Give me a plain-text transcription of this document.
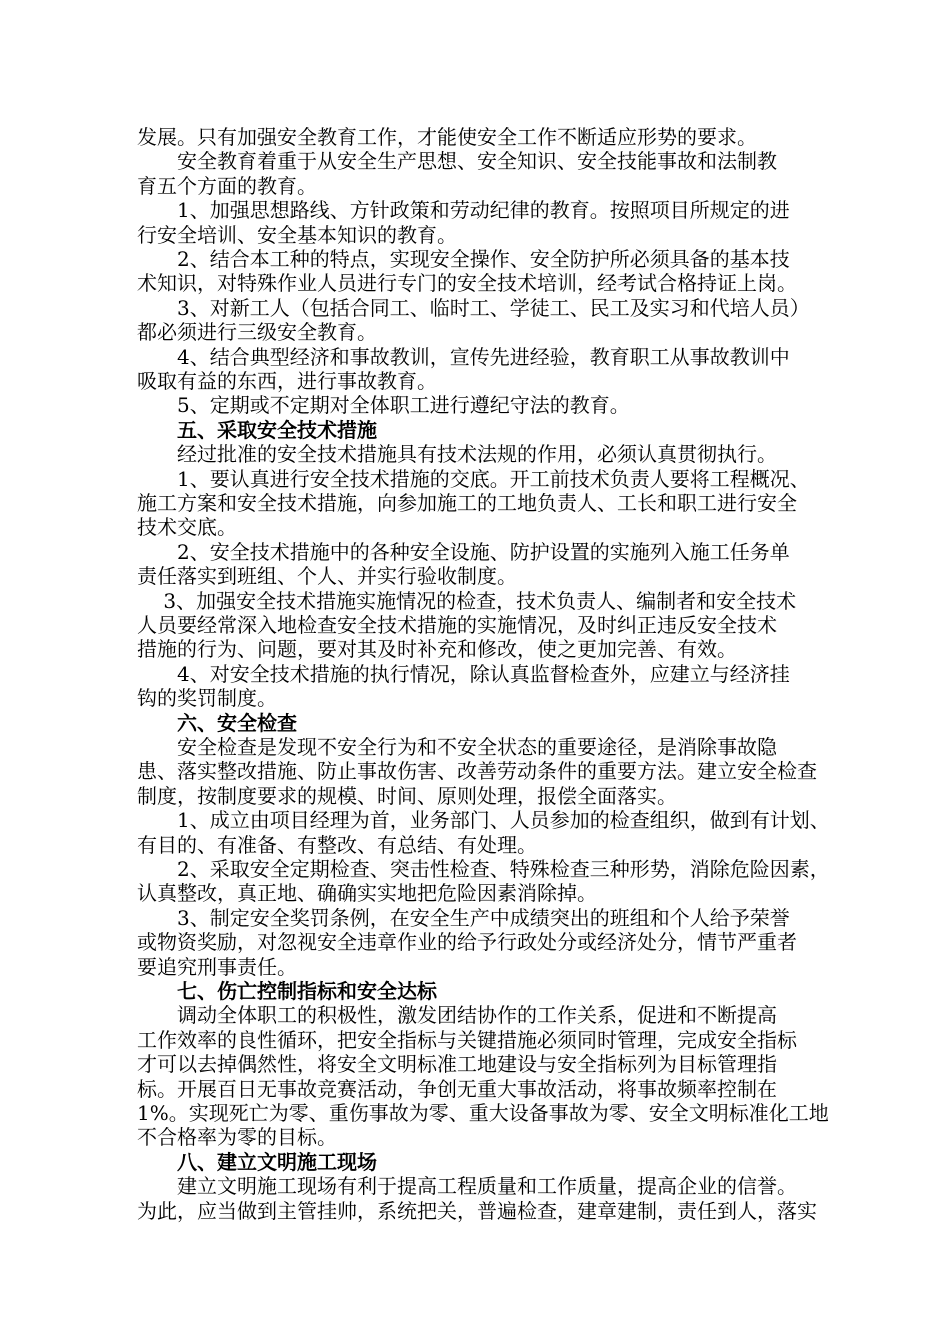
发展。只有加强安全教育工作，才能使安全工作不断适应形势的要求。
　　安全教育着重于从安全生产思想、安全知识、安全技能事故和法制教
育五个方面的教育。
　　1、加强思想路线、方针政策和劳动纪律的教育。按照项目所规定的进
行安全培训、安全基本知识的教育。
　　2、结合本工种的特点，实现安全操作、安全防护所必须具备的基本技
术知识，对特殊作业人员进行专门的安全技术培训，经考试合格持证上岗。
　　3、对新工人（包括合同工、临时工、学徒工、民工及实习和代培人员）
都必须进行三级安全教育。
　　4、结合典型经济和事故教训，宣传先进经验，教育职工从事故教训中
吸取有益的东西，进行事故教育。
　　5、定期或不定期对全体职工进行遵纪守法的教育。
　　五、采取安全技术措施
　　经过批准的安全技术措施具有技术法规的作用，必须认真贯彻执行。
　　1、要认真进行安全技术措施的交底。开工前技术负责人要将工程概况、
施工方案和安全技术措施，向参加施工的工地负责人、工长和职工进行安全
技术交底。
　　2、安全技术措施中的各种安全设施、防护设置的实施列入施工任务单
责任落实到班组、个人、并实行验收制度。
　 3、加强安全技术措施实施情况的检查，技术负责人、编制者和安全技术
人员要经常深入地检查安全技术措施的实施情况，及时纠正违反安全技术
措施的行为、问题，要对其及时补充和修改，使之更加完善、有效。
　　4、对安全技术措施的执行情况，除认真监督检查外，应建立与经济挂
钩的奖罚制度。
　　六、安全检查
　　安全检查是发现不安全行为和不安全状态的重要途径，是消除事故隐
患、落实整改措施、防止事故伤害、改善劳动条件的重要方法。建立安全检查
制度，按制度要求的规模、时间、原则处理，报偿全面落实。
　　1、成立由项目经理为首，业务部门、人员参加的检查组织，做到有计划、
有目的、有准备、有整改、有总结、有处理。
　　2、采取安全定期检查、突击性检查、特殊检查三种形势，消除危险因素，
认真整改，真正地、确确实实地把危险因素消除掉。
　　3、制定安全奖罚条例，在安全生产中成绩突出的班组和个人给予荣誉
或物资奖励，对忽视安全违章作业的给予行政处分或经济处分，情节严重者
要追究刑事责任。
　　七、伤亡控制指标和安全达标
　　调动全体职工的积极性，激发团结协作的工作关系，促进和不断提高
工作效率的良性循环，把安全指标与关键措施必须同时管理，完成安全指标
才可以去掉偶然性，将安全文明标准工地建设与安全指标列为目标管理指
标。开展百日无事故竞赛活动，争创无重大事故活动，将事故频率控制在
1%。实现死亡为零、重伤事故为零、重大设备事故为零、安全文明标准化工地
不合格率为零的目标。
　　八、建立文明施工现场
　　建立文明施工现场有利于提高工程质量和工作质量，提高企业的信誉。
为此，应当做到主管挂帅，系统把关，普遍检查，建章建制，责任到人，落实
